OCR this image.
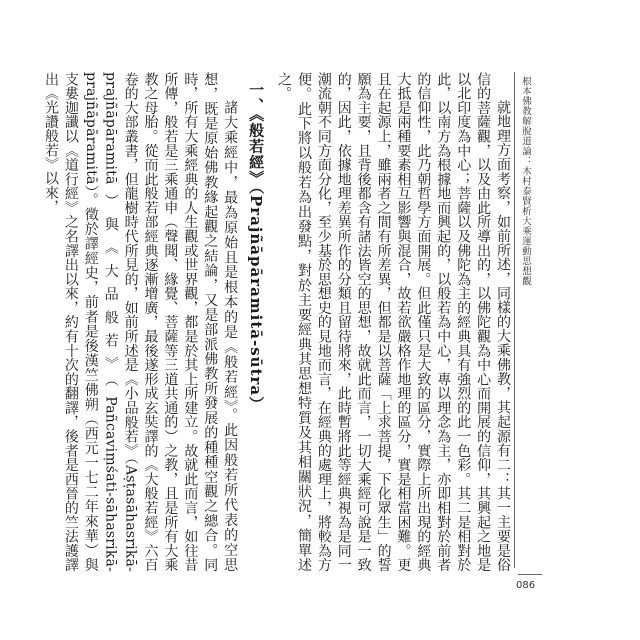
根本佛教解脫道論：木村泰賢析大乘運動思想觀
086

就地理方面考察，如前所述，同樣的大乘佛教，其起源有二：其一主要是俗信的菩薩觀，以及由此所導出的，以佛陀觀為中心而開展的信仰，其興起之地是以北印度為中心；菩薩以及佛陀為主的經典具有強烈的此一色彩。其二是相對於此，以南方為根據地而興起的，以般若為中心，專以理念為主，亦即相對於前者的信仰性，此乃朝哲學方面開展。但此僅只是大致的區分，實際上所出現的經典大抵是兩種要素相互影響與混合，故若欲嚴格作地理的區分，實是相當困難。更且在起源上，雖兩者之間有所差異，但都是以菩薩「上求菩提，下化眾生」的誓願為主要，且背後都含有諸法皆空的思想，故就此而言，一切大乘經可說是一致的，因此，依據地理差異所作的分類且留待將來，此時暫將此等經典視為是同一潮流朝不同方面分化，至少基於思想史的見地而言，在經典的處理上，將較為方便。此下將以般若為出發點，對於主要經典其思想特質及其相關狀況，簡單述之。

一、《般若經》（Prajñāpāramitā-sūtra）

諸大乘經中，最為原始且是根本的是《般若經》。此因般若所代表的空思想，既是原始佛教緣起觀之結論，又是部派佛教所發展的種種空觀之總合。同時，所有大乘經典的人生觀或世界觀，都是於其上所建立。故就此而言，如往昔所傳，般若是三乘通申（聲聞、緣覺、菩薩等三道共通的）之教，且是所有大乘教之母胎。從而此般若部經典逐漸增廣，最後遂形成玄奘譯的《大般若經》六百卷的大部叢書，但龍樹時代所見的，如前所述是《小品般若》（Aṣṭasāhasrikā-prajñāpāramitā）與《大品般若》（Pañcaviṃśati-sāhasrikā-prajñāpāramitā）。徵於譯經史，前者是後漢竺佛朔（西元一七二年來華）與支婁迦讖以《道行經》之名譯出以來，約有十次的翻譯，後者是西晉的竺法護譯出《光讚般若》以來，
